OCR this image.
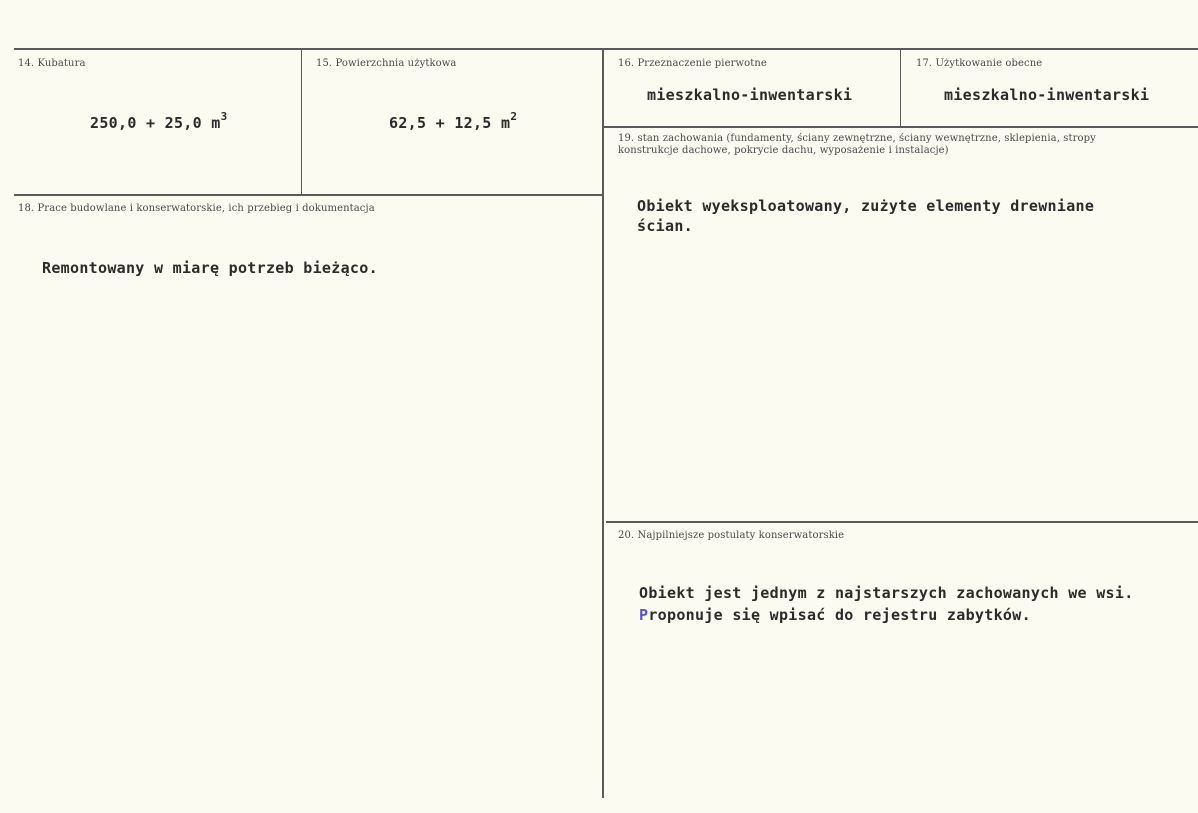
14. Kubatura
250,0 + 25,0 $m^3$
15. Powierzchnia użytkowa
62,5 + 12,5 $m^2$
16. Przeznaczenie pierwotne
mieszkalno-inwentarski
17. Użytkowanie obecne
mieszkalno-inwentarski
18. Prace budowlane i konserwatorskie, ich przebieg i dokumentacja
Remontowany w miarę potrzeb bieżąco.
19. stan zachowania (fundamenty, ściany zewnętrzne, ściany wewnętrzne, sklepienia, stropy konstrukcje dachowe, pokrycie dachu, wyposażenie i instalacje)
Obiekt wyeksploatowany, zużyte elementy drewniane ścian.
20. Najpilniejsze postulaty konserwatorskie
Obiekt jest jednym z najstarszych zachowanych we wsi.
Proponuje się wpisać do rejestru zabytków.
